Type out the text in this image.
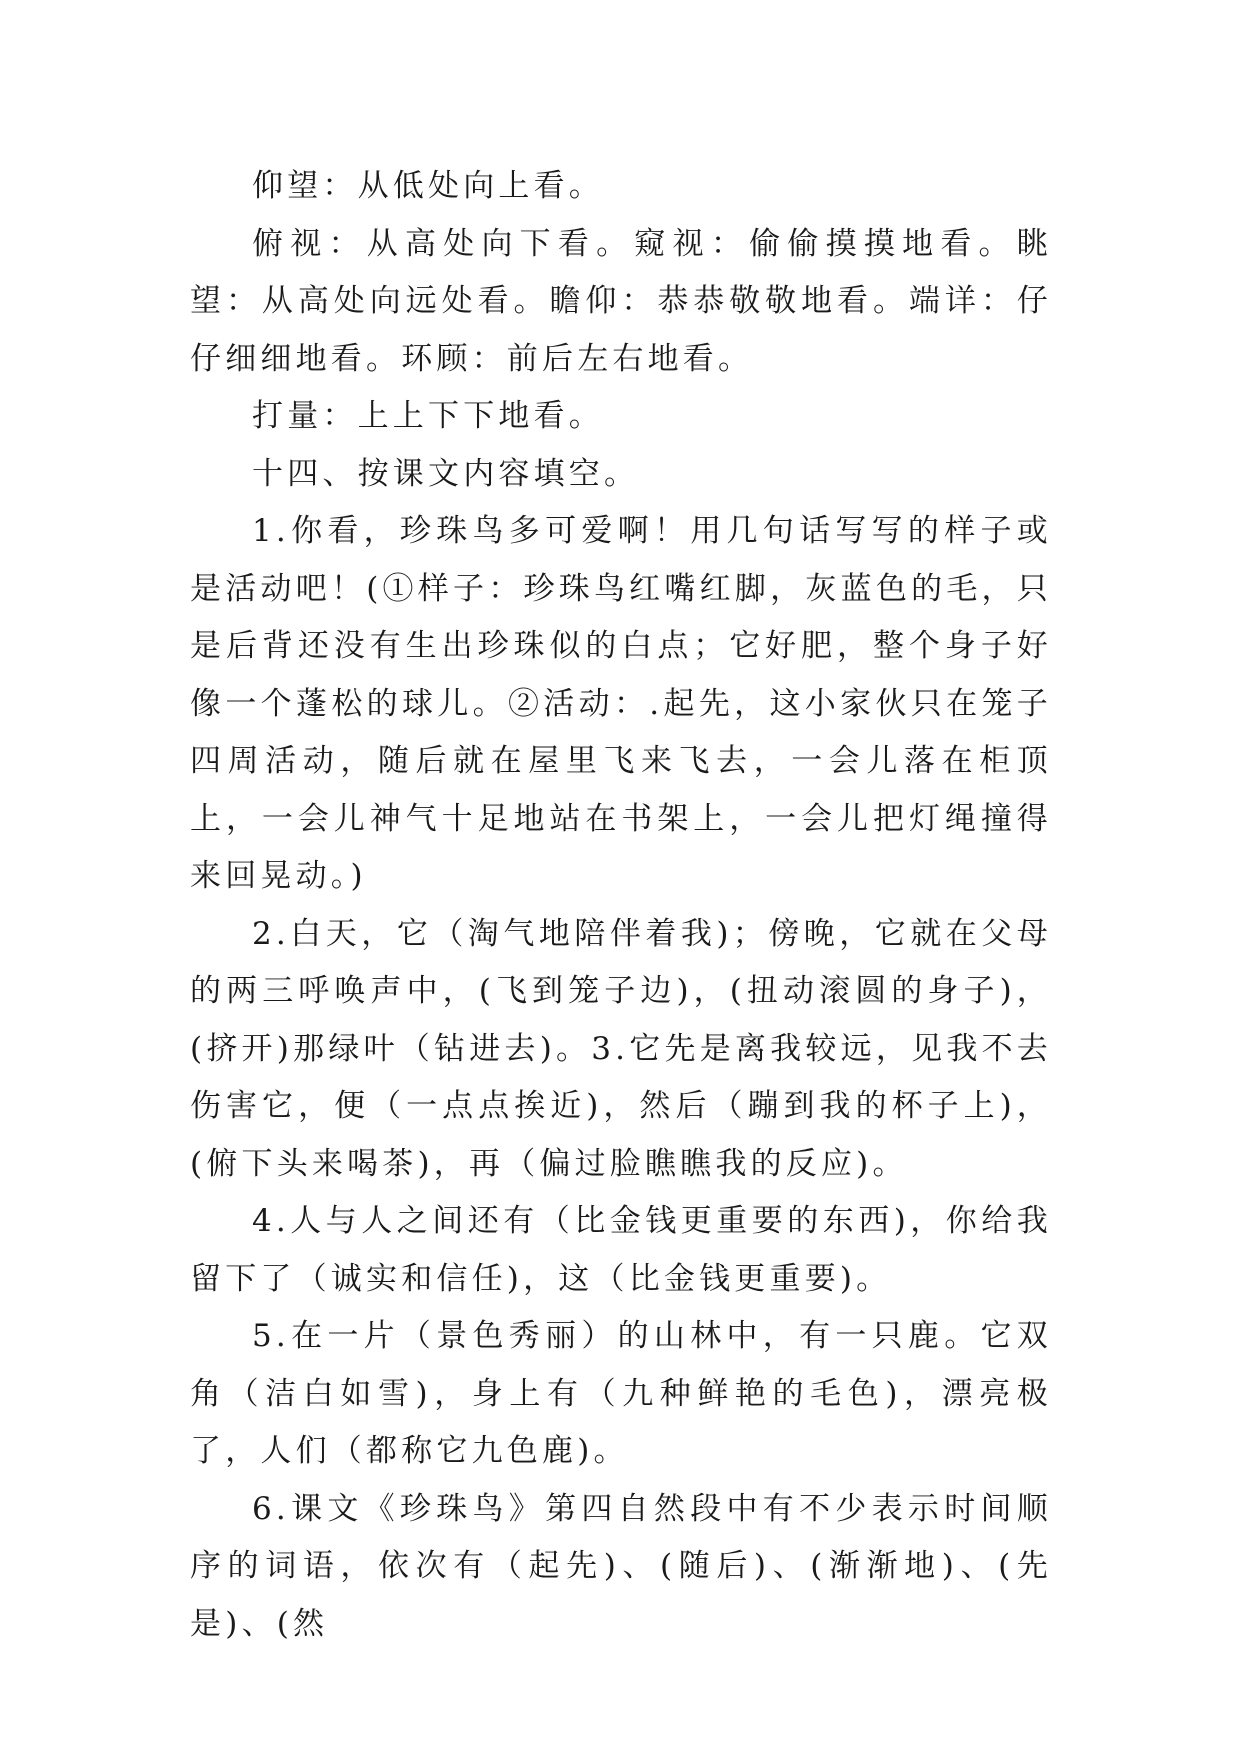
仰望：从低处向上看。

俯视：从高处向下看。窥视：偷偷摸摸地看。眺望：从高处向远处看。瞻仰：恭恭敬敬地看。端详：仔仔细细地看。环顾：前后左右地看。

打量：上上下下地看。

十四、按课文内容填空。

1.你看，珍珠鸟多可爱啊！用几句话写写的样子或是活动吧！(①样子：珍珠鸟红嘴红脚，灰蓝色的毛，只是后背还没有生出珍珠似的白点；它好肥，整个身子好像一个蓬松的球儿。②活动：.起先，这小家伙只在笼子四周活动，随后就在屋里飞来飞去，一会儿落在柜顶上，一会儿神气十足地站在书架上，一会儿把灯绳撞得来回晃动。)

2.白天，它（淘气地陪伴着我)；傍晚，它就在父母的两三呼唤声中，(飞到笼子边)，(扭动滚圆的身子)，(挤开)那绿叶（钻进去)。3.它先是离我较远，见我不去伤害它，便（一点点挨近)，然后（蹦到我的杯子上)，(俯下头来喝茶)，再（偏过脸瞧瞧我的反应)。

4.人与人之间还有（比金钱更重要的东西)，你给我留下了（诚实和信任)，这（比金钱更重要)。

5.在一片（景色秀丽）的山林中，有一只鹿。它双角（洁白如雪)，身上有（九种鲜艳的毛色)，漂亮极了，人们（都称它九色鹿)。

6.课文《珍珠鸟》第四自然段中有不少表示时间顺序的词语，依次有（起先)、(随后)、(渐渐地)、(先是)、(然
